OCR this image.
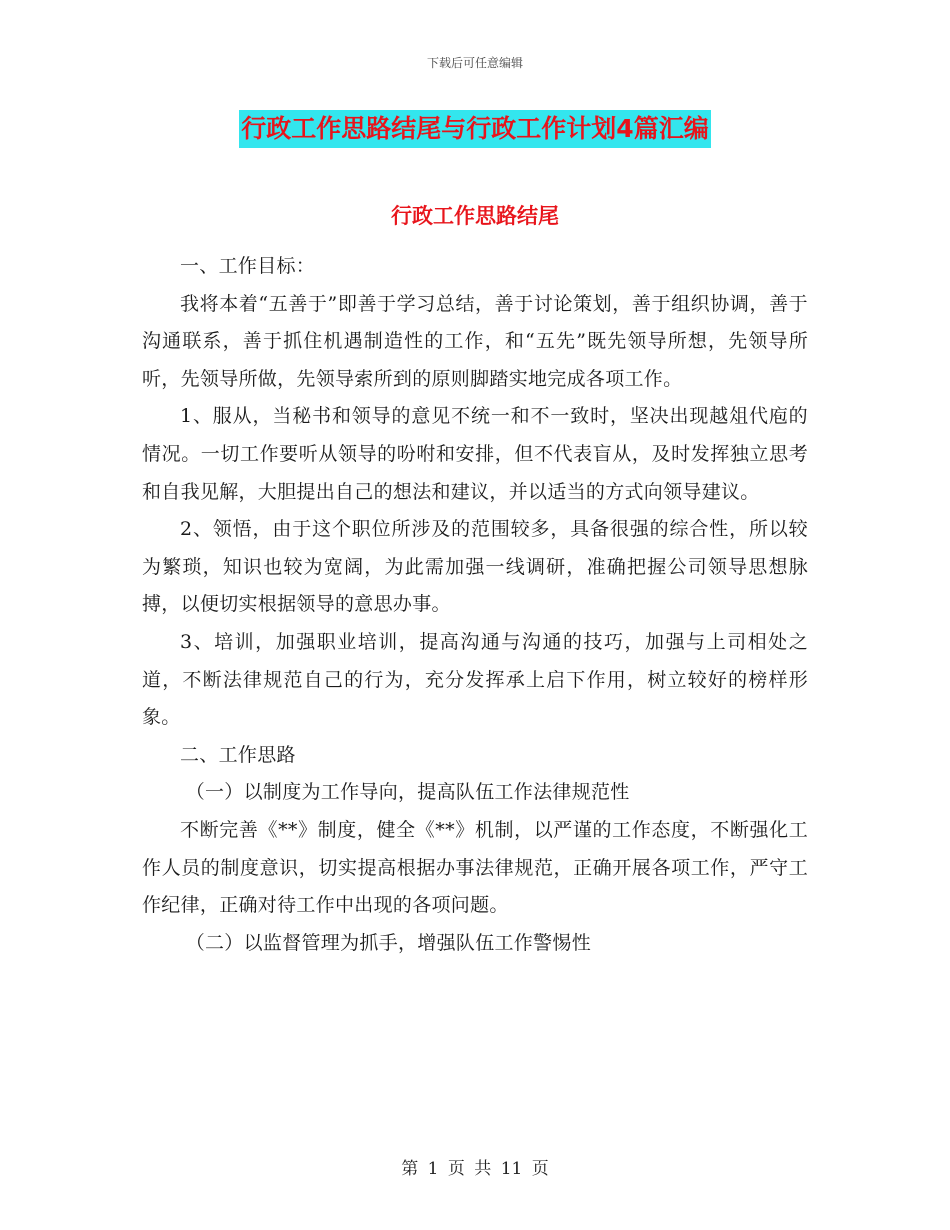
下载后可任意编辑
行政工作思路结尾与行政工作计划4篇汇编
行政工作思路结尾

一、工作目标：

我将本着“五善于”即善于学习总结，善于讨论策划，善于组织协调，善于沟通联系，善于抓住机遇制造性的工作，和“五先”既先领导所想，先领导所听，先领导所做，先领导索所到的原则脚踏实地完成各项工作。

1、服从，当秘书和领导的意见不统一和不一致时，坚决出现越俎代庖的情况。一切工作要听从领导的吩咐和安排，但不代表盲从，及时发挥独立思考和自我见解，大胆提出自己的想法和建议，并以适当的方式向领导建议。

2、领悟，由于这个职位所涉及的范围较多，具备很强的综合性，所以较为繁琐，知识也较为宽阔，为此需加强一线调研，准确把握公司领导思想脉搏，以便切实根据领导的意思办事。

3、培训，加强职业培训，提高沟通与沟通的技巧，加强与上司相处之道，不断法律规范自己的行为，充分发挥承上启下作用，树立较好的榜样形象。

二、工作思路

（一）以制度为工作导向，提高队伍工作法律规范性

不断完善《**》制度，健全《**》机制，以严谨的工作态度，不断强化工作人员的制度意识，切实提高根据办事法律规范，正确开展各项工作，严守工作纪律，正确对待工作中出现的各项问题。

（二）以监督管理为抓手，增强队伍工作警惕性

第 1 页 共 11 页
